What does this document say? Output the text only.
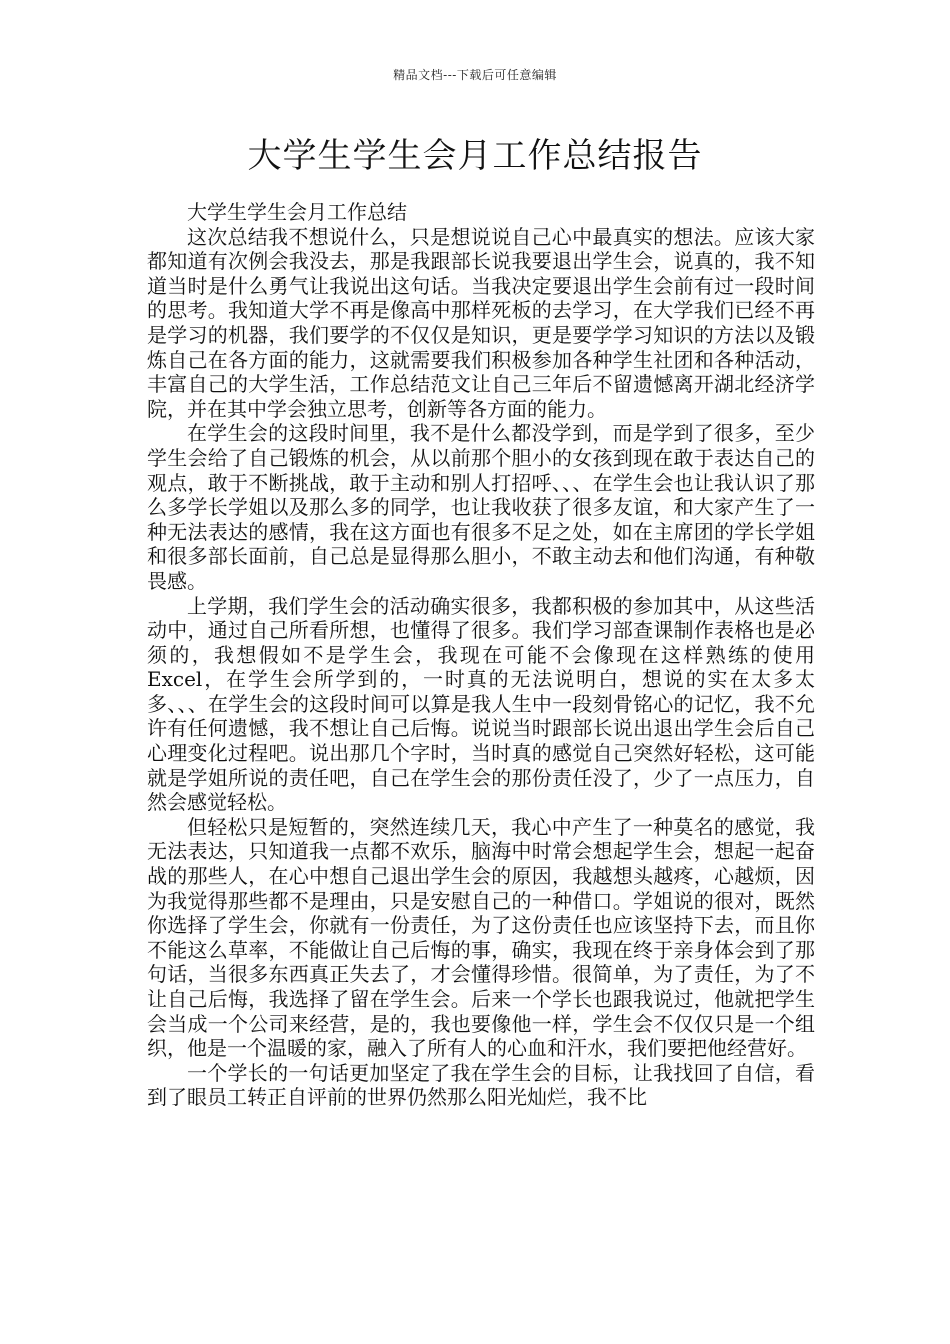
精品文档---下载后可任意编辑
大学生学生会月工作总结报告

大学生学生会月工作总结

这次总结我不想说什么，只是想说说自己心中最真实的想法。应该大家都知道有次例会我没去，那是我跟部长说我要退出学生会，说真的，我不知道当时是什么勇气让我说出这句话。当我决定要退出学生会前有过一段时间的思考。我知道大学不再是像高中那样死板的去学习，在大学我们已经不再是学习的机器，我们要学的不仅仅是知识，更是要学学习知识的方法以及锻炼自己在各方面的能力，这就需要我们积极参加各种学生社团和各种活动，丰富自己的大学生活，工作总结范文让自己三年后不留遗憾离开湖北经济学院，并在其中学会独立思考，创新等各方面的能力。

在学生会的这段时间里，我不是什么都没学到，而是学到了很多，至少学生会给了自己锻炼的机会，从以前那个胆小的女孩到现在敢于表达自己的观点，敢于不断挑战，敢于主动和别人打招呼、、、在学生会也让我认识了那么多学长学姐以及那么多的同学，也让我收获了很多友谊，和大家产生了一种无法表达的感情，我在这方面也有很多不足之处，如在主席团的学长学姐和很多部长面前，自己总是显得那么胆小，不敢主动去和他们沟通，有种敬畏感。

上学期，我们学生会的活动确实很多，我都积极的参加其中，从这些活动中，通过自己所看所想，也懂得了很多。我们学习部查课制作表格也是必须的，我想假如不是学生会，我现在可能不会像现在这样熟练的使用Excel，在学生会所学到的，一时真的无法说明白，想说的实在太多太多、、、在学生会的这段时间可以算是我人生中一段刻骨铭心的记忆，我不允许有任何遗憾，我不想让自己后悔。说说当时跟部长说出退出学生会后自己心理变化过程吧。说出那几个字时，当时真的感觉自己突然好轻松，这可能就是学姐所说的责任吧，自己在学生会的那份责任没了，少了一点压力，自然会感觉轻松。

但轻松只是短暂的，突然连续几天，我心中产生了一种莫名的感觉，我无法表达，只知道我一点都不欢乐，脑海中时常会想起学生会，想起一起奋战的那些人，在心中想自己退出学生会的原因，我越想头越疼，心越烦，因为我觉得那些都不是理由，只是安慰自己的一种借口。学姐说的很对，既然你选择了学生会，你就有一份责任，为了这份责任也应该坚持下去，而且你不能这么草率，不能做让自己后悔的事，确实，我现在终于亲身体会到了那句话，当很多东西真正失去了，才会懂得珍惜。很简单，为了责任，为了不让自己后悔，我选择了留在学生会。后来一个学长也跟我说过，他就把学生会当成一个公司来经营，是的，我也要像他一样，学生会不仅仅只是一个组织，他是一个温暖的家，融入了所有人的心血和汗水，我们要把他经营好。

一个学长的一句话更加坚定了我在学生会的目标，让我找回了自信，看到了眼员工转正自评前的世界仍然那么阳光灿烂，我不比
